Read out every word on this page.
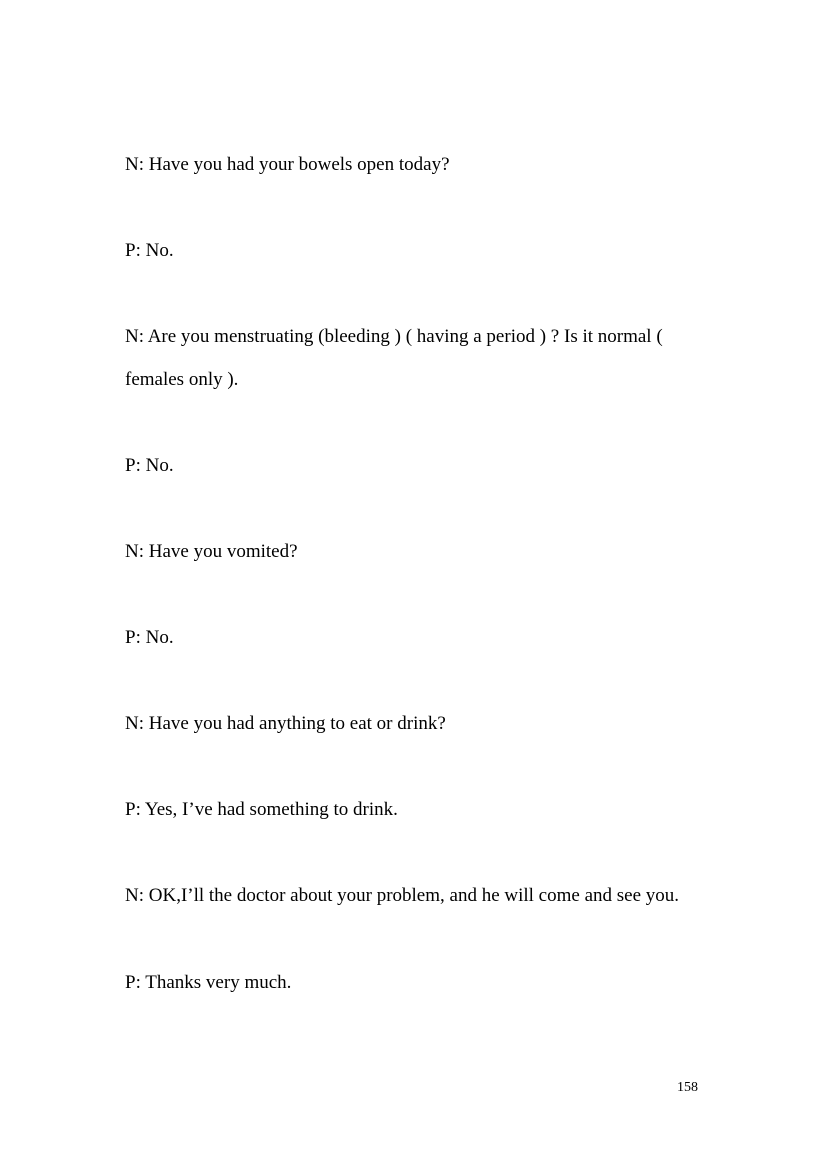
N: Have you had your bowels open today?

P: No.

N: Are you menstruating (bleeding ) ( having a period ) ? Is it normal (

females only ).

P: No.

N: Have you vomited?

P: No.

N: Have you had anything to eat or drink?

P: Yes, I’ve had something to drink.

N: OK,I’ll the doctor about your problem, and he will come and see you.

P: Thanks very much.

158
